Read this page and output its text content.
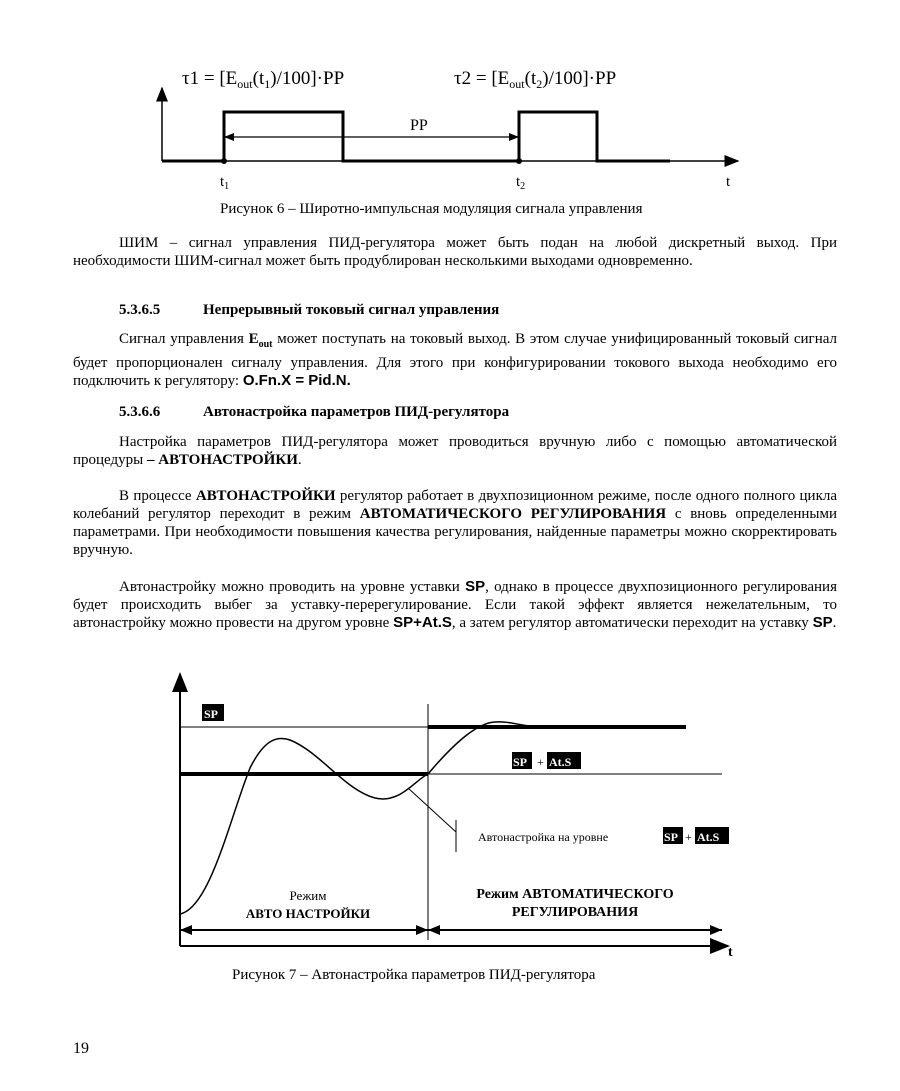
$\tau 1 = [E_{out}(t_1)/100]\cdot PP$	$\tau 2 = [E_{out}(t_2)/100]\cdot PP$
PP
$t_1$	$t_2$	t
Рисунок 6 – Широтно-импульсная модуляция сигнала управления

ШИМ – сигнал управления ПИД-регулятора может быть подан на любой дискретный выход. При необходимости ШИМ-сигнал может быть продублирован несколькими выходами одновременно.

5.3.6.5	Непрерывный токовый сигнал управления

Сигнал управления $E_{out}$ может поступать на токовый выход. В этом случае унифицированный токовый сигнал будет пропорционален сигналу управления. Для этого при конфигурировании токового выхода необходимо его подключить к регулятору: O.Fn.X = Pid.N.

5.3.6.6	Автонастройка параметров ПИД-регулятора

Настройка параметров ПИД-регулятора может проводиться вручную либо с помощью автоматической процедуры – АВТОНАСТРОЙКИ.

В процессе АВТОНАСТРОЙКИ регулятор работает в двухпозиционном режиме, после одного полного цикла колебаний регулятор переходит в режим АВТОМАТИЧЕСКОГО РЕГУЛИРОВАНИЯ с вновь определенными параметрами. При необходимости повышения качества регулирования, найденные параметры можно скорректировать вручную.

Автонастройку можно проводить на уровне уставки SP, однако в процессе двухпозиционного регулирования будет происходить выбег за уставку-перерегулирование. Если такой эффект является нежелательным, то автонастройку можно провести на другом уровне SP+At.S, а затем регулятор автоматически переходит на уставку SP.

t
SP
SP + At.S
Автонастройка на уровне	SP + At.S
Режим
АВТО НАСТРОЙКИ
Режим АВТОМАТИЧЕСКОГО
РЕГУЛИРОВАНИЯ
Рисунок 7 – Автонастройка параметров ПИД-регулятора
19
